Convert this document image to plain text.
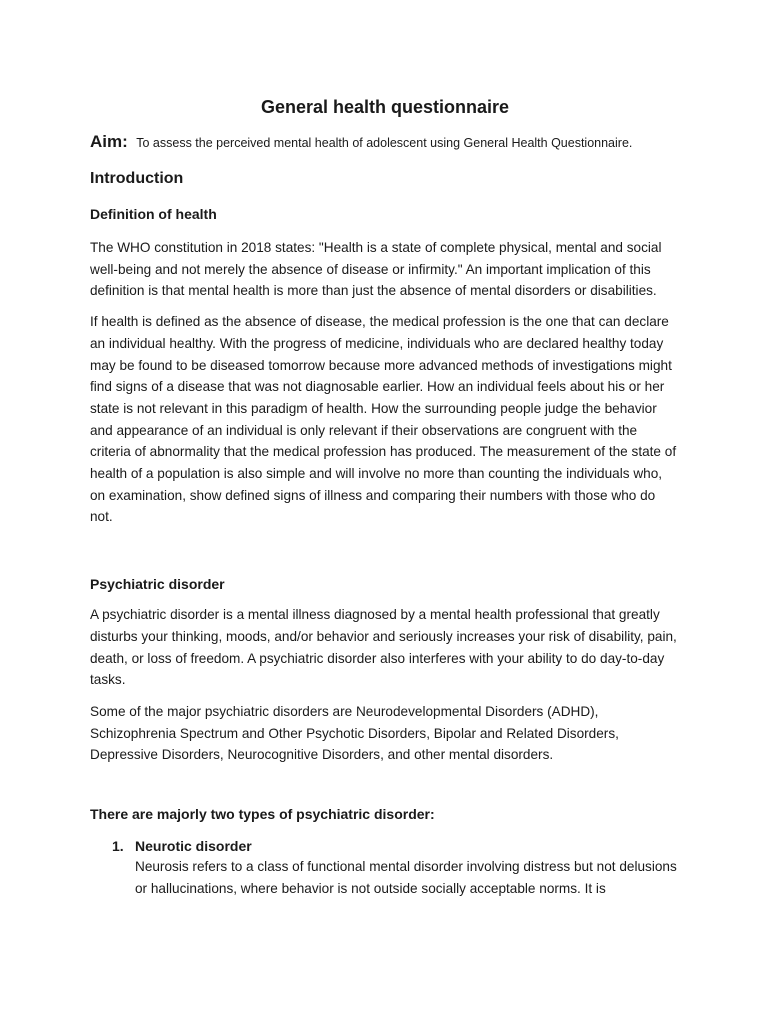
General health questionnaire
Aim: To assess the perceived mental health of adolescent using General Health Questionnaire.
Introduction
Definition of health

The WHO constitution in 2018 states: "Health is a state of complete physical, mental and social well-being and not merely the absence of disease or infirmity." An important implication of this definition is that mental health is more than just the absence of mental disorders or disabilities.

If health is defined as the absence of disease, the medical profession is the one that can declare an individual healthy. With the progress of medicine, individuals who are declared healthy today may be found to be diseased tomorrow because more advanced methods of investigations might find signs of a disease that was not diagnosable earlier. How an individual feels about his or her state is not relevant in this paradigm of health. How the surrounding people judge the behavior and appearance of an individual is only relevant if their observations are congruent with the criteria of abnormality that the medical profession has produced. The measurement of the state of health of a population is also simple and will involve no more than counting the individuals who, on examination, show defined signs of illness and comparing their numbers with those who do not.

Psychiatric disorder

A psychiatric disorder is a mental illness diagnosed by a mental health professional that greatly disturbs your thinking, moods, and/or behavior and seriously increases your risk of disability, pain, death, or loss of freedom. A psychiatric disorder also interferes with your ability to do day-to-day tasks.

Some of the major psychiatric disorders are Neurodevelopmental Disorders (ADHD), Schizophrenia Spectrum and Other Psychotic Disorders, Bipolar and Related Disorders, Depressive Disorders, Neurocognitive Disorders, and other mental disorders.

There are majorly two types of psychiatric disorder:
1. Neurotic disorder

Neurosis refers to a class of functional mental disorder involving distress but not delusions or hallucinations, where behavior is not outside socially acceptable norms. It is
